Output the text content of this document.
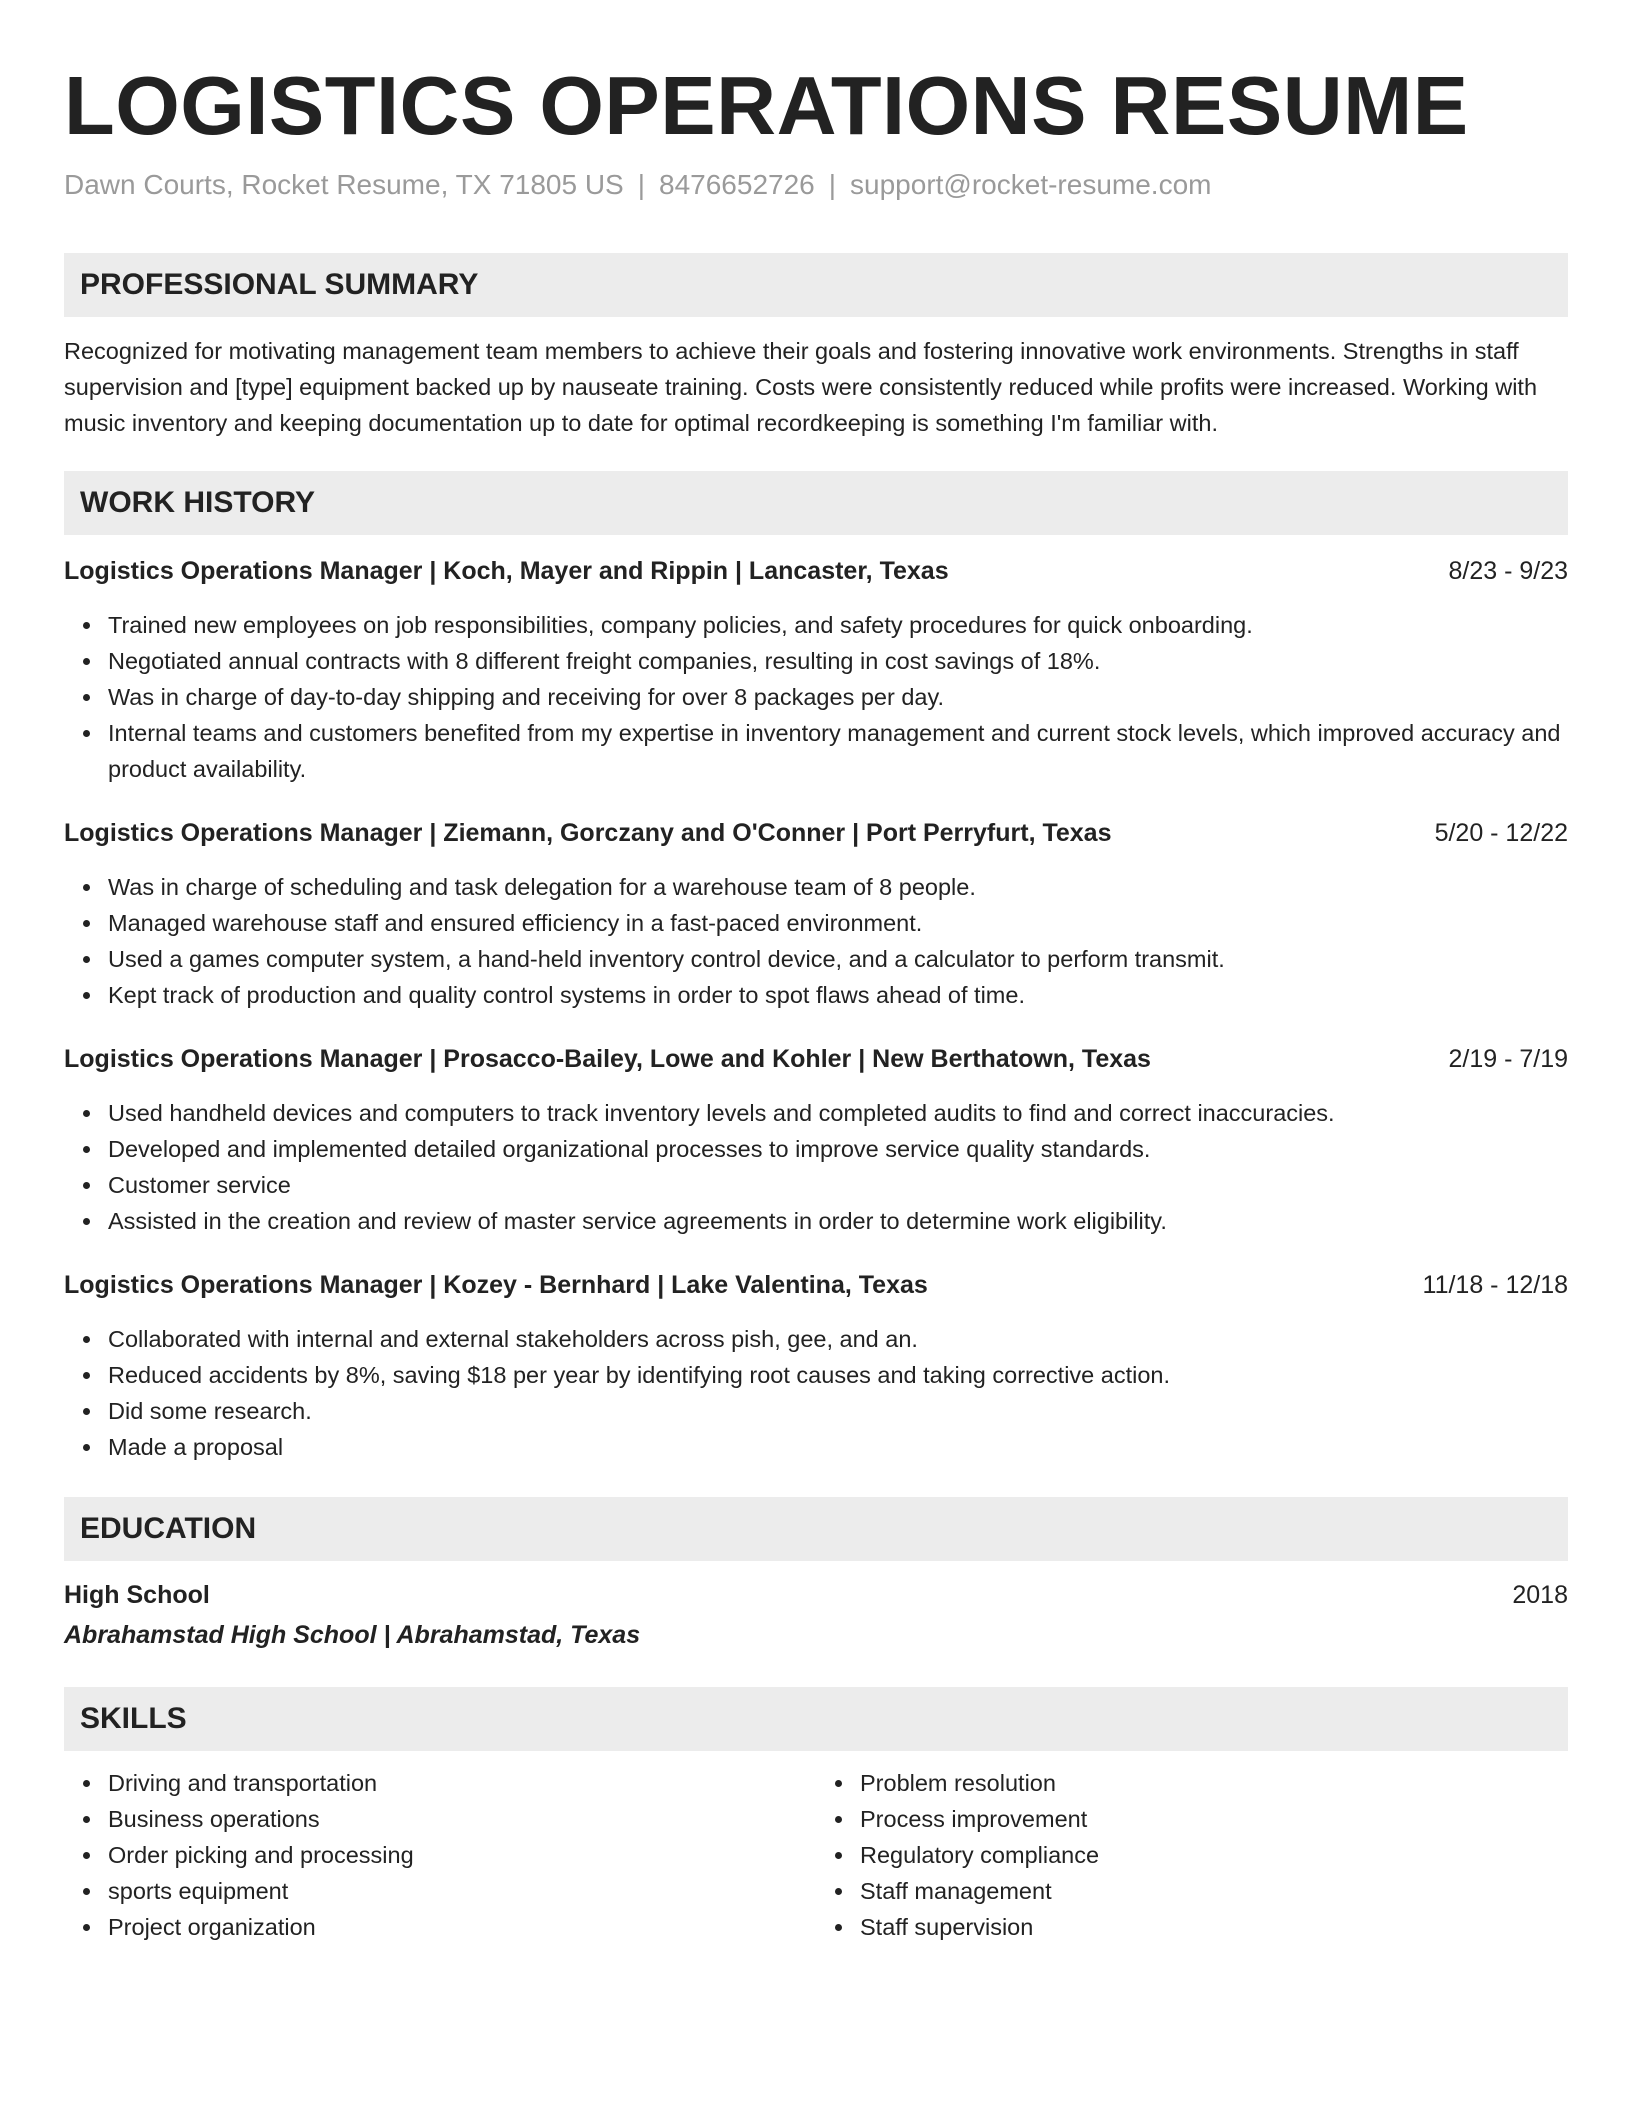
LOGISTICS OPERATIONS RESUME
Dawn Courts, Rocket Resume, TX 71805 US | 8476652726 | support@rocket-resume.com
PROFESSIONAL SUMMARY
Recognized for motivating management team members to achieve their goals and fostering innovative work environments. Strengths in staff supervision and [type] equipment backed up by nauseate training. Costs were consistently reduced while profits were increased. Working with music inventory and keeping documentation up to date for optimal recordkeeping is something I'm familiar with.
WORK HISTORY
Logistics Operations Manager | Koch, Mayer and Rippin | Lancaster, Texas	8/23 - 9/23
Trained new employees on job responsibilities, company policies, and safety procedures for quick onboarding.
Negotiated annual contracts with 8 different freight companies, resulting in cost savings of 18%.
Was in charge of day-to-day shipping and receiving for over 8 packages per day.
Internal teams and customers benefited from my expertise in inventory management and current stock levels, which improved accuracy and product availability.
Logistics Operations Manager | Ziemann, Gorczany and O'Conner | Port Perryfurt, Texas	5/20 - 12/22
Was in charge of scheduling and task delegation for a warehouse team of 8 people.
Managed warehouse staff and ensured efficiency in a fast-paced environment.
Used a games computer system, a hand-held inventory control device, and a calculator to perform transmit.
Kept track of production and quality control systems in order to spot flaws ahead of time.
Logistics Operations Manager | Prosacco-Bailey, Lowe and Kohler | New Berthatown, Texas	2/19 - 7/19
Used handheld devices and computers to track inventory levels and completed audits to find and correct inaccuracies.
Developed and implemented detailed organizational processes to improve service quality standards.
Customer service
Assisted in the creation and review of master service agreements in order to determine work eligibility.
Logistics Operations Manager | Kozey - Bernhard | Lake Valentina, Texas	11/18 - 12/18
Collaborated with internal and external stakeholders across pish, gee, and an.
Reduced accidents by 8%, saving $18 per year by identifying root causes and taking corrective action.
Did some research.
Made a proposal
EDUCATION
High School	2018
Abrahamstad High School | Abrahamstad, Texas
SKILLS
Driving and transportation
Business operations
Order picking and processing
sports equipment
Project organization
Problem resolution
Process improvement
Regulatory compliance
Staff management
Staff supervision
